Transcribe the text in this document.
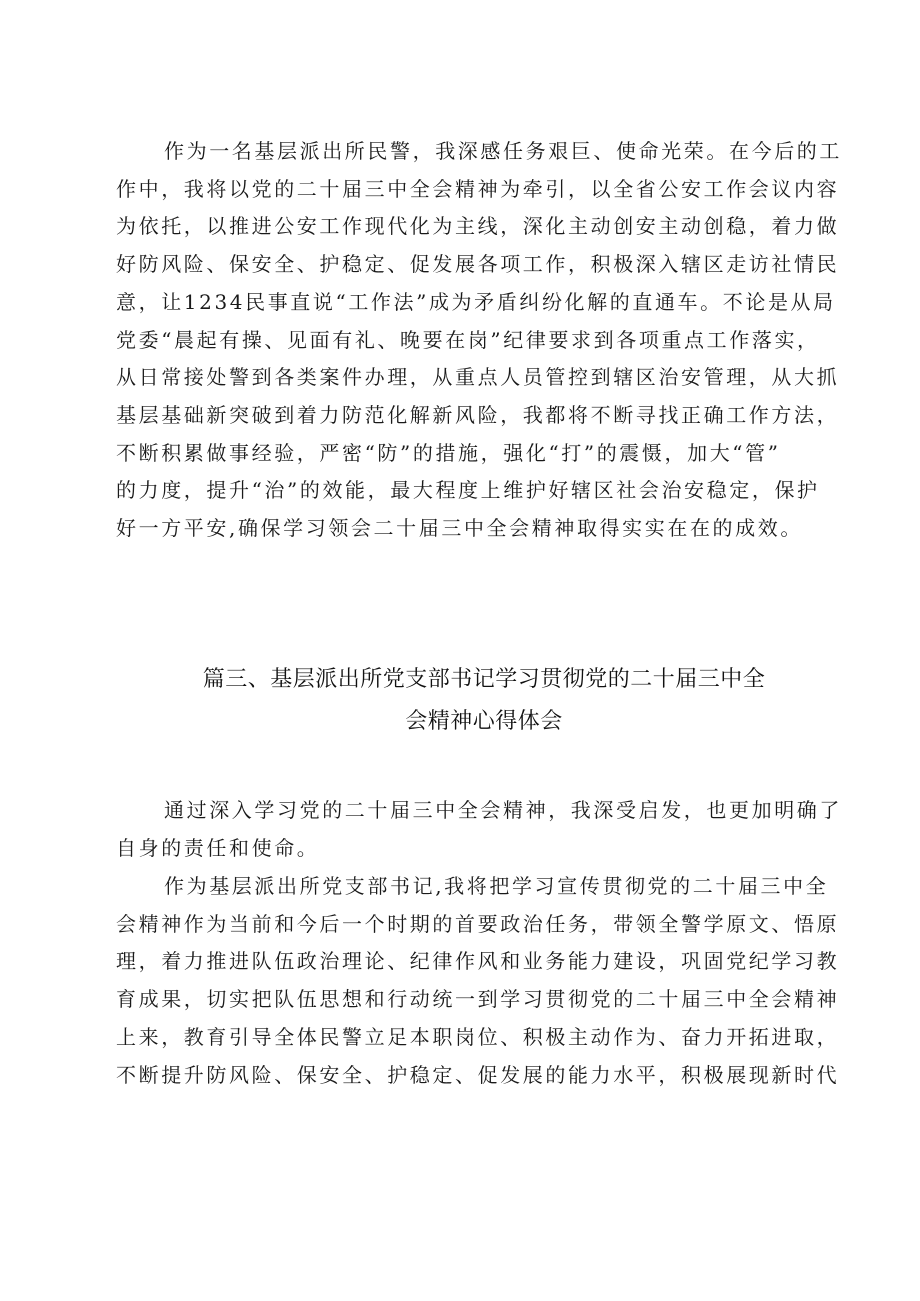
作为一名基层派出所民警，我深感任务艰巨、使命光荣。在今后的工
作中，我将以党的二十届三中全会精神为牵引，以全省公安工作会议内容
为依托，以推进公安工作现代化为主线，深化主动创安主动创稳，着力做
好防风险、保安全、护稳定、促发展各项工作，积极深入辖区走访社情民
意，让1234民事直说“工作法”成为矛盾纠纷化解的直通车。不论是从局
党委“晨起有操、见面有礼、晚要在岗”纪律要求到各项重点工作落实，
从日常接处警到各类案件办理，从重点人员管控到辖区治安管理，从大抓
基层基础新突破到着力防范化解新风险，我都将不断寻找正确工作方法，
不断积累做事经验，严密“防”的措施，强化“打”的震慑，加大“管”
的力度，提升“治”的效能，最大程度上维护好辖区社会治安稳定，保护
好一方平安,确保学习领会二十届三中全会精神取得实实在在的成效。
篇三、基层派出所党支部书记学习贯彻党的二十届三中全
会精神心得体会
通过深入学习党的二十届三中全会精神，我深受启发，也更加明确了
自身的责任和使命。
作为基层派出所党支部书记,我将把学习宣传贯彻党的二十届三中全
会精神作为当前和今后一个时期的首要政治任务，带领全警学原文、悟原
理，着力推进队伍政治理论、纪律作风和业务能力建设，巩固党纪学习教
育成果，切实把队伍思想和行动统一到学习贯彻党的二十届三中全会精神
上来，教育引导全体民警立足本职岗位、积极主动作为、奋力开拓进取，
不断提升防风险、保安全、护稳定、促发展的能力水平，积极展现新时代
